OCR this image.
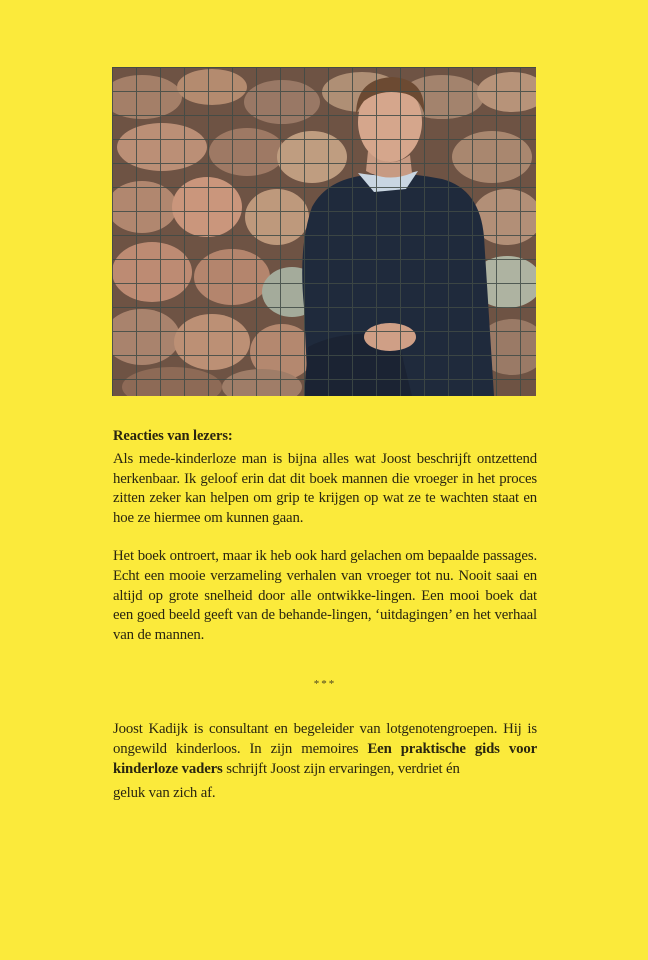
Reacties van lezers:

Als mede-kinderloze man is bijna alles wat Joost beschrijft ontzettend herkenbaar. Ik geloof erin dat dit boek mannen die vroeger in het proces zitten zeker kan helpen om grip te krijgen op wat ze te wachten staat en hoe ze hiermee om kunnen gaan.

Het boek ontroert, maar ik heb ook hard gelachen om bepaalde passages. Echt een mooie verzameling verhalen van vroeger tot nu. Nooit saai en altijd op grote snelheid door alle ontwikke-lingen. Een mooi boek dat een goed beeld geeft van de behande-lingen, ‘uitdagingen’ en het verhaal van de mannen.

***

Joost Kadijk is consultant en begeleider van lotgenotengroepen. Hij is ongewild kinderloos. In zijn memoires Een praktische gids voor kinderloze vaders schrijft Joost zijn ervaringen, verdriet én
geluk van zich af.
